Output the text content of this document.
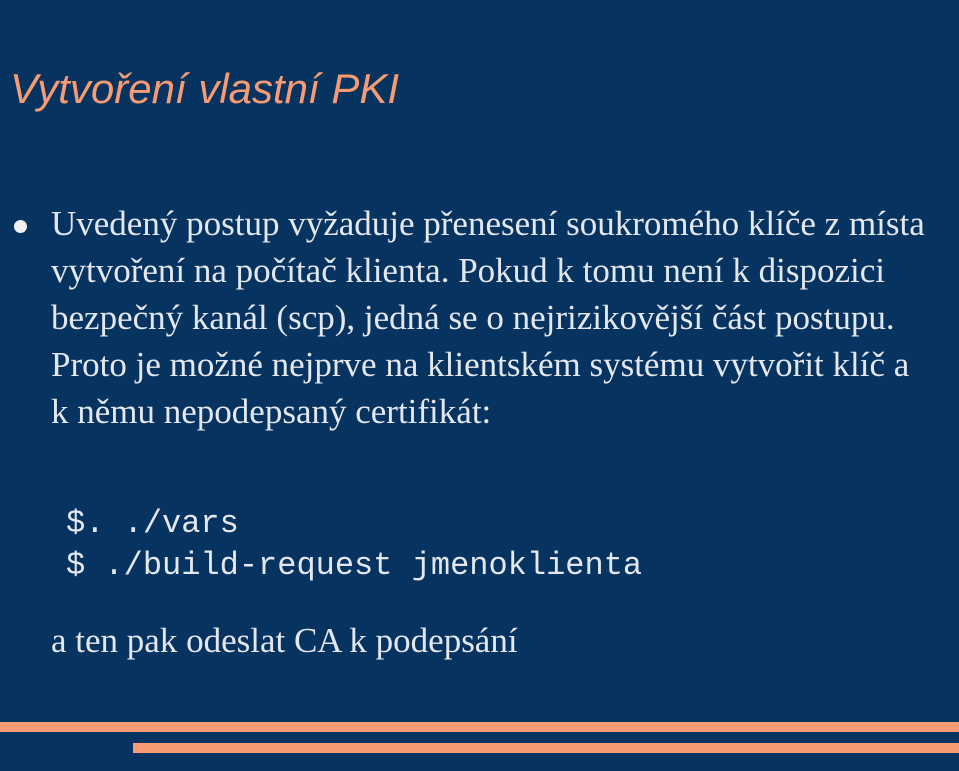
Vytvoření vlastní PKI
Uvedený postup vyžaduje přenesení soukromého klíče z místa vytvoření na počítač klienta. Pokud k tomu není k dispozici bezpečný kanál (scp), jedná se o nejrizikovější část postupu. Proto je možné nejprve na klientském systému vytvořit klíč a k němu nepodepsaný certifikát:
$. ./vars
$ ./build-request jmenoklienta

a ten pak odeslat CA k podepsání
